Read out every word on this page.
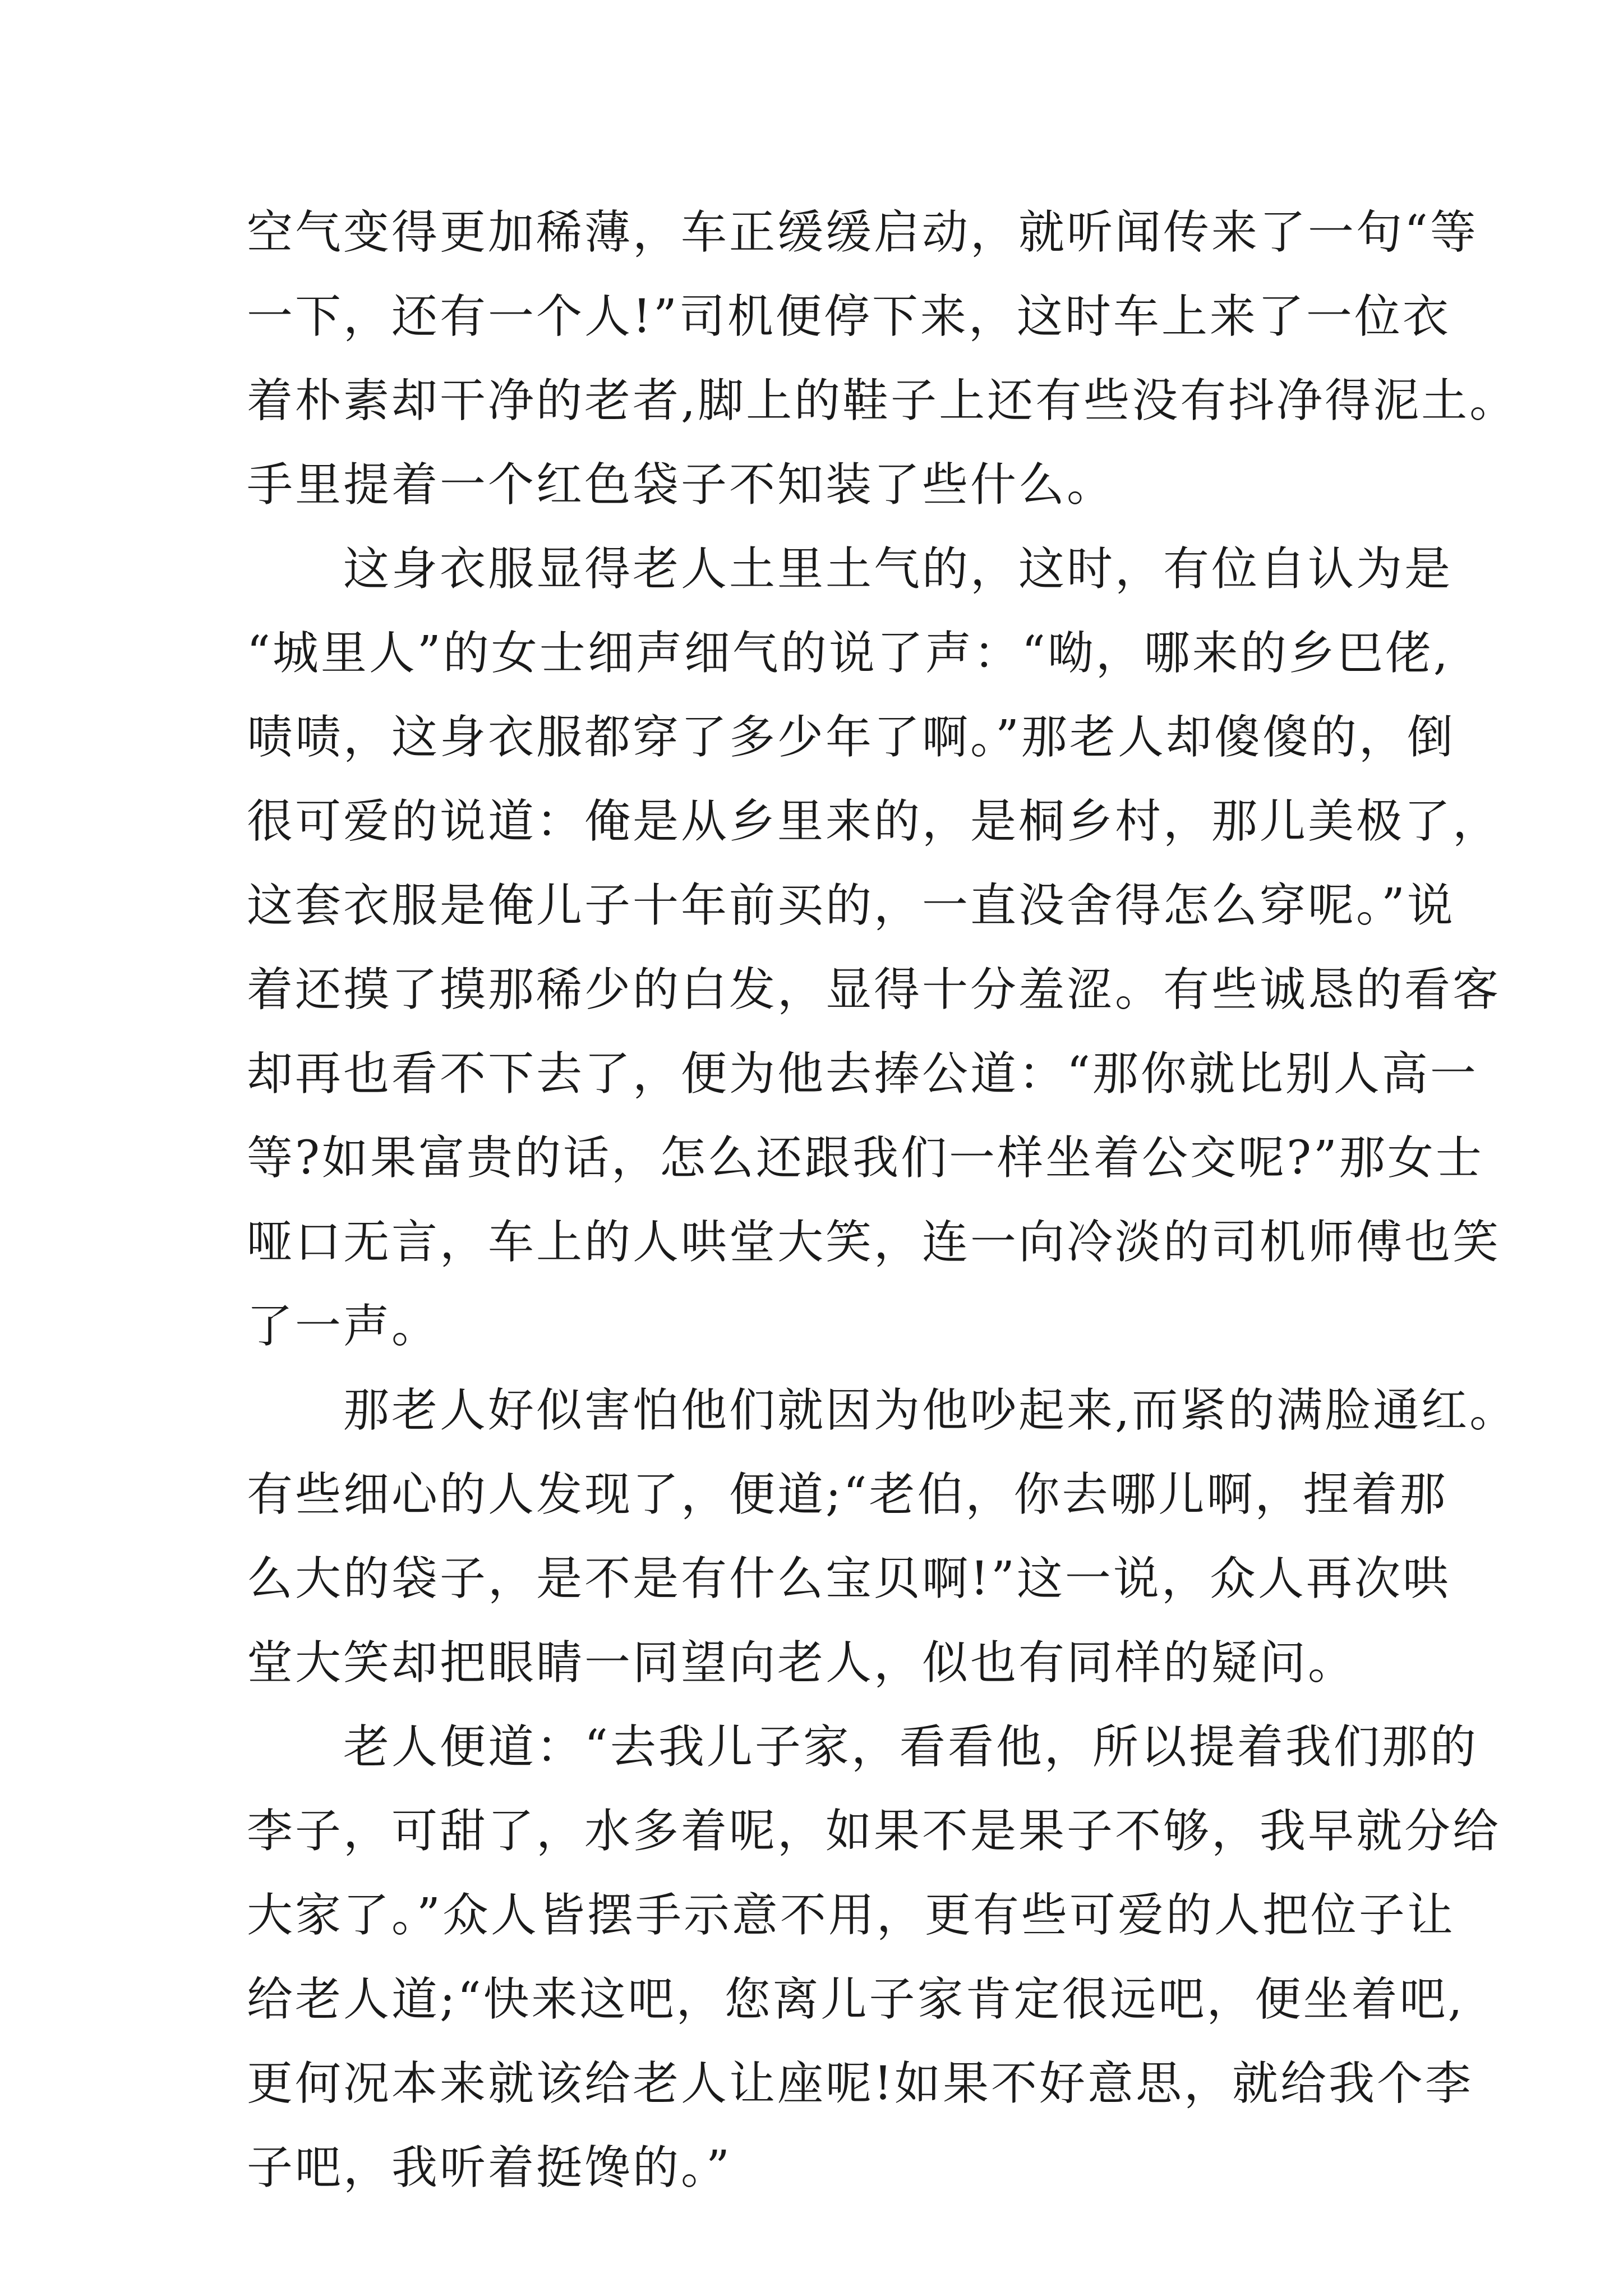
空气变得更加稀薄，车正缓缓启动，就听闻传来了一句“等
一下，还有一个人!”司机便停下来，这时车上来了一位衣
着朴素却干净的老者,脚上的鞋子上还有些没有抖净得泥土。
手里提着一个红色袋子不知装了些什么。
　　这身衣服显得老人土里土气的，这时，有位自认为是
“城里人”的女士细声细气的说了声：“呦，哪来的乡巴佬,
啧啧，这身衣服都穿了多少年了啊。”那老人却傻傻的，倒
很可爱的说道：俺是从乡里来的，是桐乡村，那儿美极了，
这套衣服是俺儿子十年前买的，一直没舍得怎么穿呢。”说
着还摸了摸那稀少的白发，显得十分羞涩。有些诚恳的看客
却再也看不下去了，便为他去捧公道：“那你就比别人高一
等?如果富贵的话，怎么还跟我们一样坐着公交呢?”那女士
哑口无言，车上的人哄堂大笑，连一向冷淡的司机师傅也笑
了一声。
　　那老人好似害怕他们就因为他吵起来,而紧的满脸通红。
有些细心的人发现了，便道;“老伯，你去哪儿啊，捏着那
么大的袋子，是不是有什么宝贝啊!”这一说，众人再次哄
堂大笑却把眼睛一同望向老人，似也有同样的疑问。
　　老人便道：“去我儿子家，看看他，所以提着我们那的
李子，可甜了，水多着呢，如果不是果子不够，我早就分给
大家了。”众人皆摆手示意不用，更有些可爱的人把位子让
给老人道;“快来这吧，您离儿子家肯定很远吧，便坐着吧,
更何况本来就该给老人让座呢!如果不好意思，就给我个李
子吧，我听着挺馋的。”
